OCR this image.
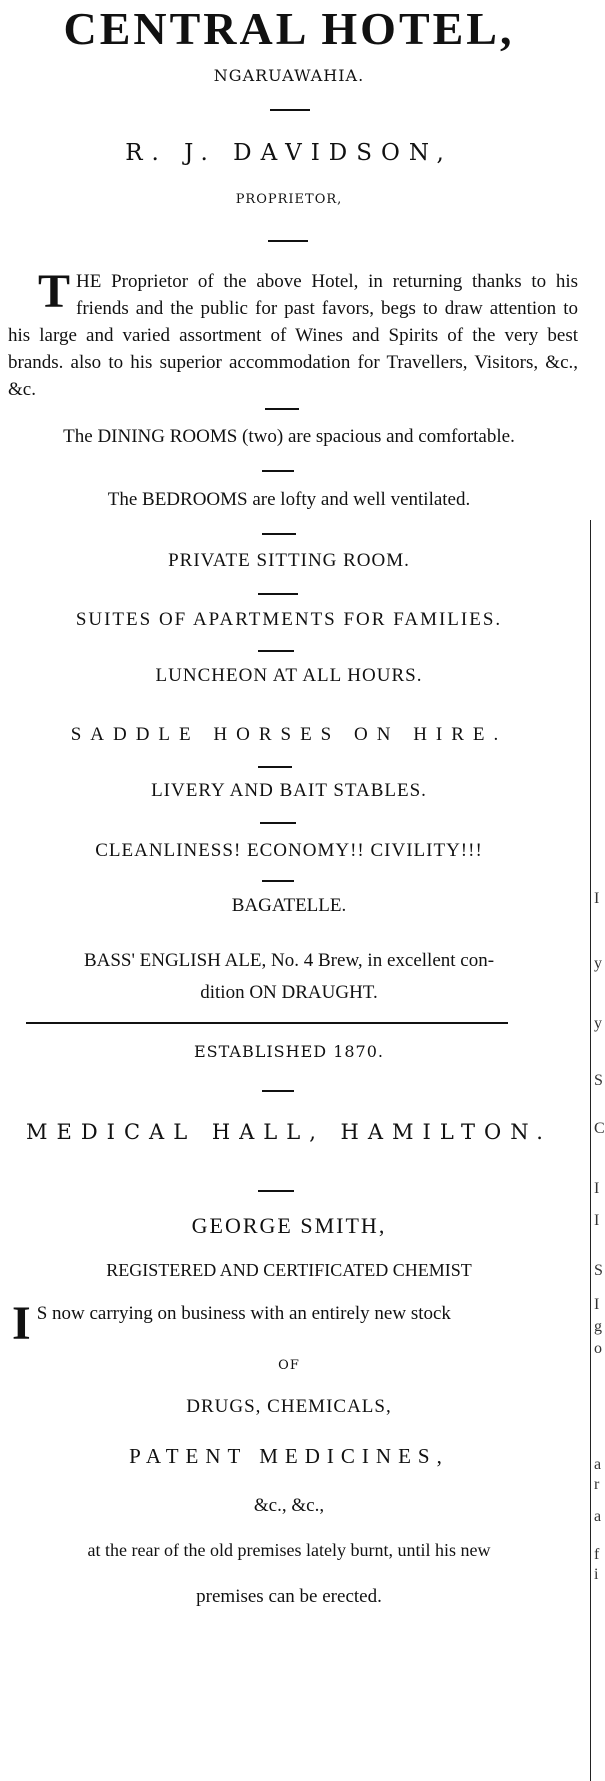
CENTRAL HOTEL,
NGARUAWAHIA.
R. J. DAVIDSON,
PROPRIETOR,
THE Proprietor of the above Hotel, in returning thanks to his friends and the public for past favors, begs to draw attention to his large and varied assortment of Wines and Spirits of the very best brands. also to his superior accommodation for Travellers, Visitors, &c., &c.
The DINING ROOMS (two) are spacious and comfortable.
The BEDROOMS are lofty and well ventilated.
PRIVATE SITTING ROOM.
SUITES OF APARTMENTS FOR FAMILIES.
LUNCHEON AT ALL HOURS.
SADDLE HORSES ON HIRE.
LIVERY AND BAIT STABLES.
CLEANLINESS! ECONOMY!! CIVILITY!!!
BAGATELLE.
BASS' ENGLISH ALE, No. 4 Brew, in excellent con-
dition ON DRAUGHT.
ESTABLISHED 1870.
MEDICAL HALL, HAMILTON.
GEORGE SMITH,
REGISTERED AND CERTIFICATED CHEMIST
I S now carrying on business with an entirely new stock
OF
DRUGS, CHEMICALS,
PATENT MEDICINES,
&c., &c.,
at the rear of the old premises lately burnt, until his new
premises can be erected.
I
y
y
S
C
I
I
S
I
g
o
a
r
a
f
i
